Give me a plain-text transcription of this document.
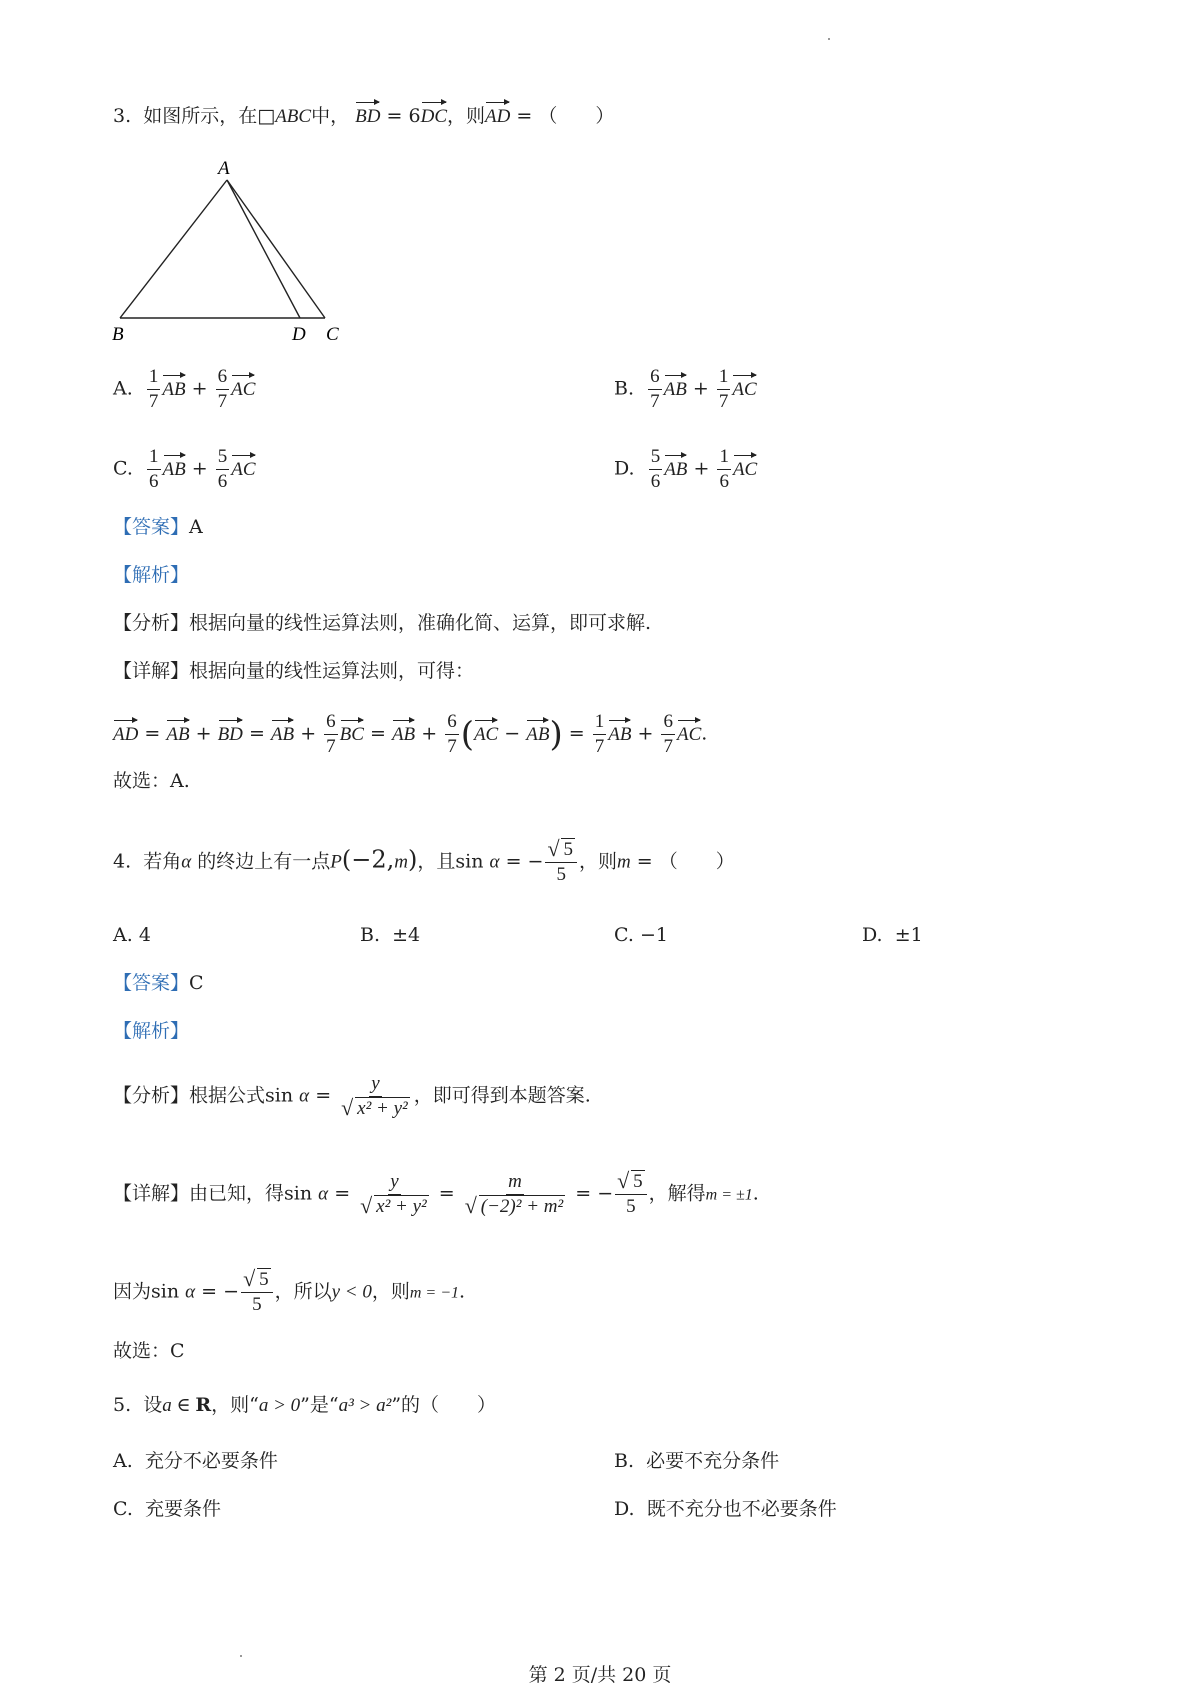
3. 如图所示，在□ABC中， BD = 6DC，则AD = （　　）
A
B	D C
A. $\frac{1}{7}$ AB + $\frac{6}{7}$ AC	B. $\frac{6}{7}$ AB + $\frac{1}{7}$ AC
C. $\frac{1}{6}$ AB + $\frac{5}{6}$ AC	D. $\frac{5}{6}$ AB + $\frac{1}{6}$ AC
【答案】A
【解析】
【分析】根据向量的线性运算法则，准确化简、运算，即可求解.
【详解】根据向量的线性运算法则，可得：
AD = AB + BD = AB + $\frac{6}{7}$ BC = AB + $\frac{6}{7} (AC - AB) = \frac{1}{7}$ AB + $\frac{6}{7}$ AC.
故选：A.
4. 若角α 的终边上有一点P(−2,m)，且sin α = − $\frac{√ 5}{5}$ ，则m = （　　）
A. 4	B. ±4	C. −1	D. ±1
【答案】C
【解析】
【分析】根据公式$\sin \alpha = \frac{y}{\text{√ x² + y²}}$ ，即可得到本题答案.
【详解】由已知，得$\sin \alpha = \frac{y}{\text{√ x² + y²}} = \frac{m}{\text{√ (−2)² + m²}}$ = − $\frac{√ 5}{5}$ ，解得m = ±1.
因为sin α = − $\frac{√ 5}{5}$ ，所以y < 0，则m = −1.
故选：C
5. 设a ∈ R，则“a > 0”是“a³ > a²”的（　　）
A. 充分不必要条件	B. 必要不充分条件
C. 充要条件	D. 既不充分也不必要条件
第 2 页/共 20 页
